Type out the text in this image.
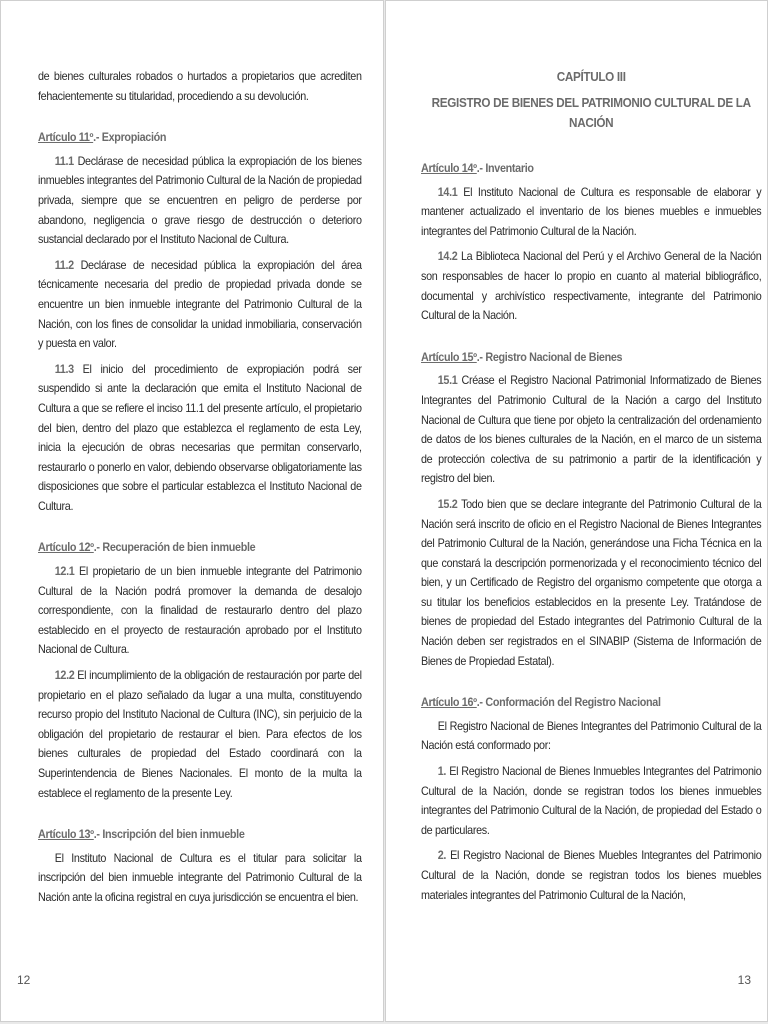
de bienes culturales robados o hurtados a propietarios que acrediten fehacientemente su titularidad, procediendo a su devolución.

Artículo 11º.- Expropiación

11.1 Declárase de necesidad pública la expropiación de los bienes inmuebles integrantes del Patrimonio Cultural de la Nación de propiedad privada, siempre que se encuentren en peligro de perderse por abandono, negligencia o grave riesgo de destrucción o deterioro sustancial declarado por el Instituto Nacional de Cultura.

11.2 Declárase de necesidad pública la expropiación del área técnicamente necesaria del predio de propiedad privada donde se encuentre un bien inmueble integrante del Patrimonio Cultural de la Nación, con los fines de consolidar la unidad inmobiliaria, conservación y puesta en valor.

11.3 El inicio del procedimiento de expropiación podrá ser suspendido si ante la declaración que emita el Instituto Nacional de Cultura a que se refiere el inciso 11.1 del presente artículo, el propietario del bien, dentro del plazo que establezca el reglamento de esta Ley, inicia la ejecución de obras necesarias que permitan conservarlo, restaurarlo o ponerlo en valor, debiendo observarse obligatoriamente las disposiciones que sobre el particular establezca el Instituto Nacional de Cultura.

Artículo 12º.- Recuperación de bien inmueble

12.1 El propietario de un bien inmueble integrante del Patrimonio Cultural de la Nación podrá promover la demanda de desalojo correspondiente, con la finalidad de restaurarlo dentro del plazo establecido en el proyecto de restauración aprobado por el Instituto Nacional de Cultura.

12.2 El incumplimiento de la obligación de restauración por parte del propietario en el plazo señalado da lugar a una multa, constituyendo recurso propio del Instituto Nacional de Cultura (INC), sin perjuicio de la obligación del propietario de restaurar el bien. Para efectos de los bienes culturales de propiedad del Estado coordinará con la Superintendencia de Bienes Nacionales. El monto de la multa la establece el reglamento de la presente Ley.

Artículo 13º.- Inscripción del bien inmueble

El Instituto Nacional de Cultura es el titular para solicitar la inscripción del bien inmueble integrante del Patrimonio Cultural de la Nación ante la oficina registral en cuya jurisdicción se encuentra el bien.

12
CAPÍTULO III
REGISTRO DE BIENES DEL PATRIMONIO CULTURAL DE LA NACIÓN
Artículo 14º.- Inventario

14.1 El Instituto Nacional de Cultura es responsable de elaborar y mantener actualizado el inventario de los bienes muebles e inmuebles integrantes del Patrimonio Cultural de la Nación.

14.2 La Biblioteca Nacional del Perú y el Archivo General de la Nación son responsables de hacer lo propio en cuanto al material bibliográfico, documental y archivístico respectivamente, integrante del Patrimonio Cultural de la Nación.

Artículo 15º.- Registro Nacional de Bienes

15.1 Créase el Registro Nacional Patrimonial Informatizado de Bienes Integrantes del Patrimonio Cultural de la Nación a cargo del Instituto Nacional de Cultura que tiene por objeto la centralización del ordenamiento de datos de los bienes culturales de la Nación, en el marco de un sistema de protección colectiva de su patrimonio a partir de la identificación y registro del bien.

15.2 Todo bien que se declare integrante del Patrimonio Cultural de la Nación será inscrito de oficio en el Registro Nacional de Bienes Integrantes del Patrimonio Cultural de la Nación, generándose una Ficha Técnica en la que constará la descripción pormenorizada y el reconocimiento técnico del bien, y un Certificado de Registro del organismo competente que otorga a su titular los beneficios establecidos en la presente Ley. Tratándose de bienes de propiedad del Estado integrantes del Patrimonio Cultural de la Nación deben ser registrados en el SINABIP (Sistema de Información de Bienes de Propiedad Estatal).

Artículo 16º.- Conformación del Registro Nacional

El Registro Nacional de Bienes Integrantes del Patrimonio Cultural de la Nación está conformado por:

1. El Registro Nacional de Bienes Inmuebles Integrantes del Patrimonio Cultural de la Nación, donde se registran todos los bienes inmuebles integrantes del Patrimonio Cultural de la Nación, de propiedad del Estado o de particulares.

2. El Registro Nacional de Bienes Muebles Integrantes del Patrimonio Cultural de la Nación, donde se registran todos los bienes muebles materiales integrantes del Patrimonio Cultural de la Nación,

13
